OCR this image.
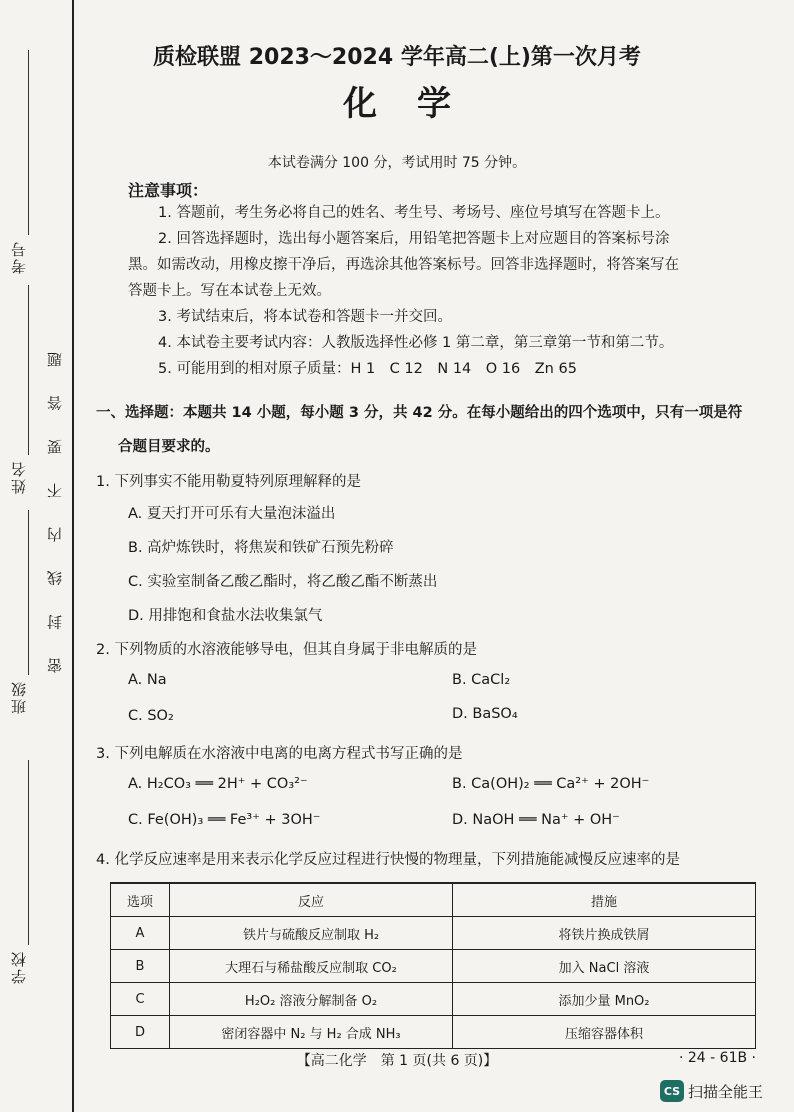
考号
姓名
班级
学校
密 封 线 内 不 要 答 题
质检联盟 2023～2024 学年高二(上)第一次月考
化学
本试卷满分 100 分，考试用时 75 分钟。
注意事项：
1. 答题前，考生务必将自己的姓名、考生号、考场号、座位号填写在答题卡上。
2. 回答选择题时，选出每小题答案后，用铅笔把答题卡上对应题目的答案标号涂
黑。如需改动，用橡皮擦干净后，再选涂其他答案标号。回答非选择题时，将答案写在
答题卡上。写在本试卷上无效。
3. 考试结束后，将本试卷和答题卡一并交回。
4. 本试卷主要考试内容：人教版选择性必修 1 第二章，第三章第一节和第二节。
5. 可能用到的相对原子质量：H 1　C 12　N 14　O 16　Zn 65
一、选择题：本题共 14 小题，每小题 3 分，共 42 分。在每小题给出的四个选项中，只有一项是符
合题目要求的。
1. 下列事实不能用勒夏特列原理解释的是
A. 夏天打开可乐有大量泡沫溢出
B. 高炉炼铁时，将焦炭和铁矿石预先粉碎
C. 实验室制备乙酸乙酯时，将乙酸乙酯不断蒸出
D. 用排饱和食盐水法收集氯气
2. 下列物质的水溶液能够导电，但其自身属于非电解质的是
A. Na	B. CaCl₂
C. SO₂	D. BaSO₄
3. 下列电解质在水溶液中电离的电离方程式书写正确的是
A. H₂CO₃ ══ 2H⁺ + CO₃²⁻	B. Ca(OH)₂ ══ Ca²⁺ + 2OH⁻
C. Fe(OH)₃ ══ Fe³⁺ + 3OH⁻	D. NaOH ══ Na⁺ + OH⁻
4. 化学反应速率是用来表示化学反应过程进行快慢的物理量，下列措施能减慢反应速率的是
选项	反应	措施
A	铁片与硫酸反应制取 H₂	将铁片换成铁屑
B	大理石与稀盐酸反应制取 CO₂	加入 NaCl 溶液
C	H₂O₂ 溶液分解制备 O₂	添加少量 MnO₂
D	密闭容器中 N₂ 与 H₂ 合成 NH₃	压缩容器体积
【高二化学　第 1 页(共 6 页)】	· 24 - 61B ·
CS 扫描全能王
